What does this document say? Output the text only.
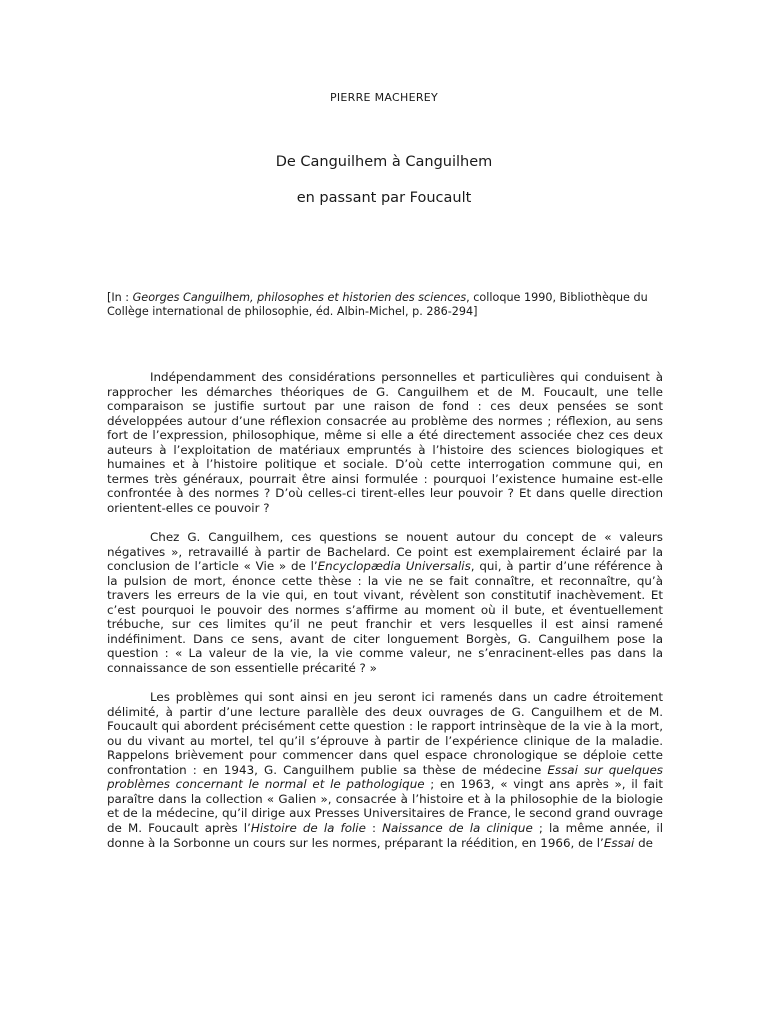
PIERRE MACHEREY
De Canguilhem à Canguilhem
en passant par Foucault
[In : Georges Canguilhem, philosophes et historien des sciences, colloque 1990, Bibliothèque du Collège international de philosophie, éd. Albin-Michel, p. 286-294]

Indépendamment des considérations personnelles et particulières qui conduisent à rapprocher les démarches théoriques de G. Canguilhem et de M. Foucault, une telle comparaison se justifie surtout par une raison de fond : ces deux pensées se sont développées autour d’une réflexion consacrée au problème des normes ; réflexion, au sens fort de l’expression, philosophique, même si elle a été directement associée chez ces deux auteurs à l’exploitation de matériaux empruntés à l’histoire des sciences biologiques et humaines et à l’histoire politique et sociale. D’où cette interrogation commune qui, en termes très généraux, pourrait être ainsi formulée : pourquoi l’existence humaine est-elle confrontée à des normes ? D’où celles-ci tirent-elles leur pouvoir ? Et dans quelle direction orientent-elles ce pouvoir ?

Chez G. Canguilhem, ces questions se nouent autour du concept de « valeurs négatives », retravaillé à partir de Bachelard. Ce point est exemplairement éclairé par la conclusion de l’article « Vie » de l’Encyclopædia Universalis, qui, à partir d’une référence à la pulsion de mort, énonce cette thèse : la vie ne se fait connaître, et reconnaître, qu’à travers les erreurs de la vie qui, en tout vivant, révèlent son constitutif inachèvement. Et c’est pourquoi le pouvoir des normes s’affirme au moment où il bute, et éventuellement trébuche, sur ces limites qu’il ne peut franchir et vers lesquelles il est ainsi ramené indéfiniment. Dans ce sens, avant de citer longuement Borgès, G. Canguilhem pose la question : « La valeur de la vie, la vie comme valeur, ne s’enracinent-elles pas dans la connaissance de son essentielle précarité ? »

Les problèmes qui sont ainsi en jeu seront ici ramenés dans un cadre étroitement délimité, à partir d’une lecture parallèle des deux ouvrages de G. Canguilhem et de M. Foucault qui abordent précisément cette question : le rapport intrinsèque de la vie à la mort, ou du vivant au mortel, tel qu’il s’éprouve à partir de l’expérience clinique de la maladie. Rappelons brièvement pour commencer dans quel espace chronologique se déploie cette confrontation : en 1943, G. Canguilhem publie sa thèse de médecine Essai sur quelques problèmes concernant le normal et le pathologique ; en 1963, « vingt ans après », il fait paraître dans la collection « Galien », consacrée à l’histoire et à la philosophie de la biologie et de la médecine, qu’il dirige aux Presses Universitaires de France, le second grand ouvrage de M. Foucault après l’Histoire de la folie : Naissance de la clinique ; la même année, il donne à la Sorbonne un cours sur les normes, préparant la réédition, en 1966, de l’Essai de
